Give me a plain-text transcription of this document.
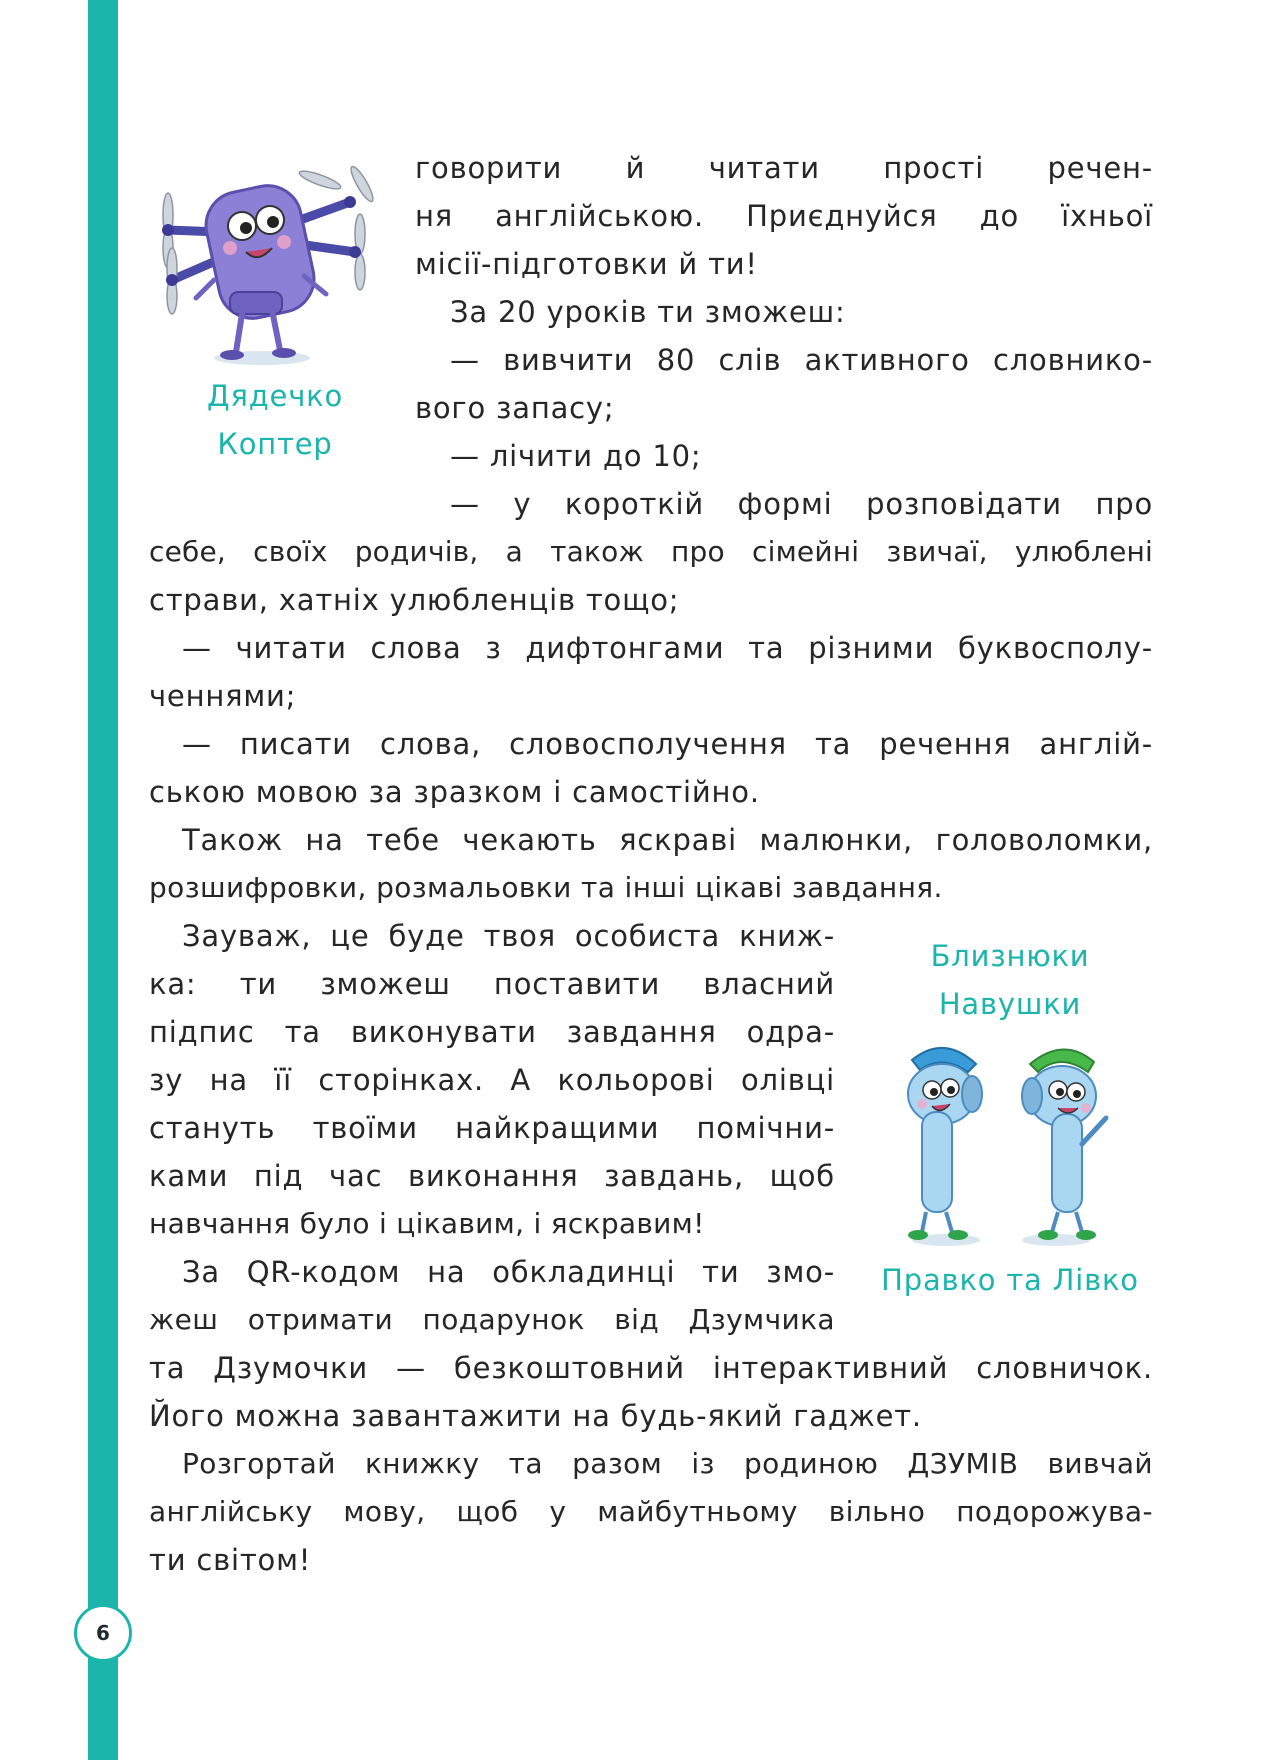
Дядечко
Коптер
Близнюки
Навушки
Правко та Лівко
говорити й читати прості речен-
ня англійською. Приєднуйся до їхньої
місії-підготовки й ти!
За 20 уроків ти зможеш:
— вивчити 80 слів активного словнико-
вого запасу;
— лічити до 10;
— у короткій формі розповідати про
себе, своїх родичів, а також про сімейні звичаї, улюблені
страви, хатніх улюбленців тощо;
— читати слова з дифтонгами та різними буквосполу-
ченнями;
— писати слова, словосполучення та речення англій-
ською мовою за зразком і самостійно.
Також на тебе чекають яскраві малюнки, головоломки,
розшифровки, розмальовки та інші цікаві завдання.
Зауваж, це буде твоя особиста книж-
ка: ти зможеш поставити власний
підпис та виконувати завдання одра-
зу на її сторінках. А кольорові олівці
стануть твоїми найкращими помічни-
ками під час виконання завдань, щоб
навчання було і цікавим, і яскравим!
За QR-кодом на обкладинці ти змо-
жеш отримати подарунок від Дзумчика
та Дзумочки — безкоштовний інтерактивний словничок.
Його можна завантажити на будь-який гаджет.
Розгортай книжку та разом із родиною ДЗУМІВ вивчай
англійську мову, щоб у майбутньому вільно подорожува-
ти світом!
6
